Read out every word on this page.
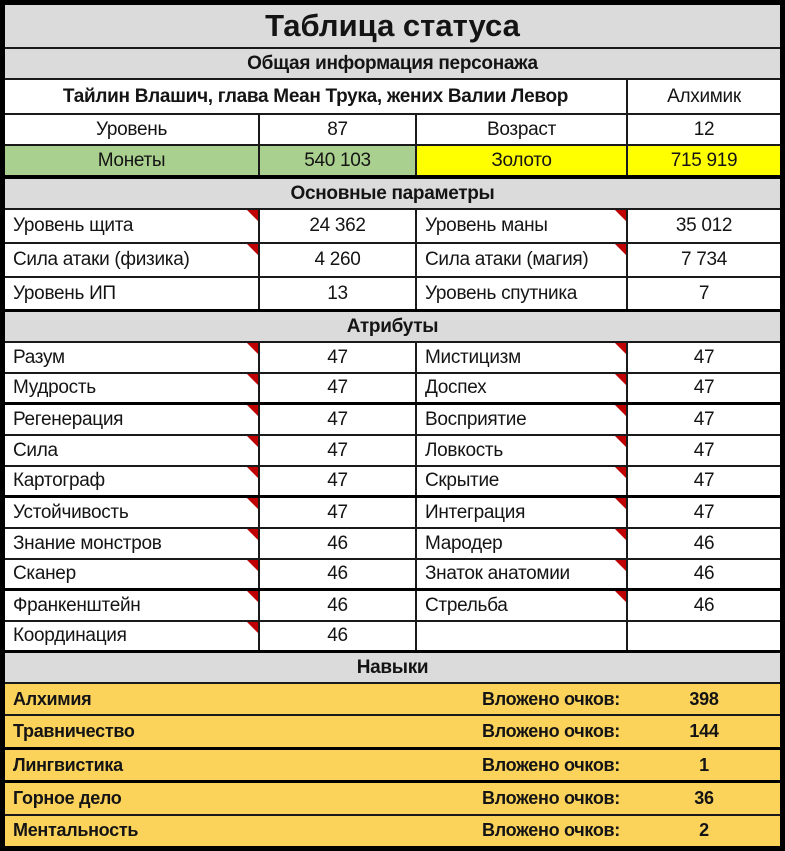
Таблица статуса
Общая информация персонажа
Тайлин Влашич, глава Меан Трука, жених Валии Левор	Алхимик
Уровень	87	Возраст	12
Монеты	540 103	Золото	715 919
Основные параметры
Уровень щита	24 362	Уровень маны	35 012
Сила атаки (физика)	4 260	Сила атаки (магия)	7 734
Уровень ИП	13	Уровень спутника	7
Атрибуты
Разум	47	Мистицизм	47
Мудрость	47	Доспех	47
Регенерация	47	Восприятие	47
Сила	47	Ловкость	47
Картограф	47	Скрытие	47
Устойчивость	47	Интеграция	47
Знание монстров	46	Мародер	46
Сканер	46	Знаток анатомии	46
Франкенштейн	46	Стрельба	46
Координация	46
Навыки
Алхимия	Вложено очков:	398
Травничество	Вложено очков:	144
Лингвистика	Вложено очков:	1
Горное дело	Вложено очков:	36
Ментальность	Вложено очков:	2
